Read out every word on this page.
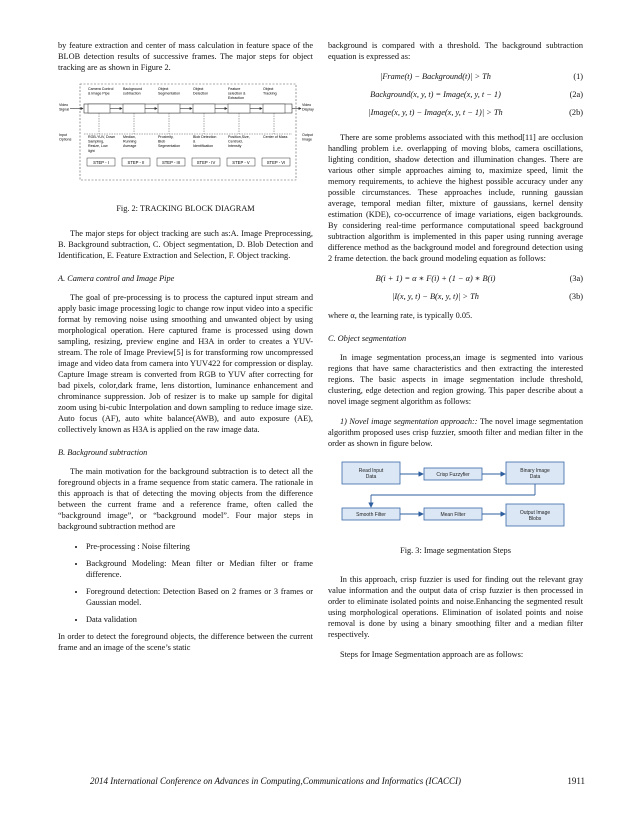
by feature extraction and center of mass calculation in feature space of the BLOB detection results of successive frames. The major steps for object tracking are as shown in Figure 2.

Camera Control
& Image Pipe
RGB-YUV, Down
Sampling,
Resize, Low
light
STEP - I
Background
subtraction
Median,
Running
Average
STEP - II
Object
Segmentation
Proximity,
Blob
Segmentation
STEP - III
Object
Detection
Blob Detection
&
Identification
STEP - IV
Feature
selection &
Extraction
Position,Size,
Centroid,
Intensity
STEP - V
Object
Tracking
Center of Mass
STEP - VI
Video
Signal
Video
Display
Input
Options
Output
Image
Fig. 2: TRACKING BLOCK DIAGRAM

The major steps for object tracking are such as:A. Image Preprocessing, B. Background subtraction, C. Object segmentation, D. Blob Detection and Identification, E. Feature Extraction and Selection, F. Object tracking.

A. Camera control and Image Pipe

The goal of pre-processing is to process the captured input stream and apply basic image processing logic to change row input video into a specific format by removing noise using smoothing and unwanted object by using morphological operation. Here captured frame is processed using down sampling, resizing, preview engine and H3A in order to creates a YUV-stream. The role of Image Preview[5] is for transforming row uncompressed image and video data from camera into YUV422 for compression or display. Capture Image stream is converted from RGB to YUV after correcting for bad pixels, color,dark frame, lens distortion, luminance enhancement and chrominance suppression. Job of resizer is to make up sample for digital zoom using bi-cubic Interpolation and down sampling to reduce image size. Auto focus (AF), auto white balance(AWB), and auto exposure (AE), collectively known as H3A is applied on the raw image data.

B. Background subtraction

The main motivation for the background subtraction is to detect all the foreground objects in a frame sequence from static camera. The rationale in this approach is that of detecting the moving objects from the difference between the current frame and a reference frame, often called the “background image”, or “background model”. Four major steps in background subtraction method are

• Pre-processing : Noise filtering
• Background Modeling: Mean filter or Median filter or frame difference.
• Foreground detection: Detection Based on 2 frames or 3 frames or Gaussian model.
• Data validation

In order to detect the foreground objects, the difference between the current frame and an image of the scene’s static

background is compared with a threshold. The background subtraction equation is expressed as:

|Frame(t) − Background(t)| > Th	(1)
Background(x, y, t) = Image(x, y, t − 1)	(2a)
|Image(x, y, t) − Image(x, y, t − 1)| > Th	(2b)

There are some problems associated with this method[11] are occlusion handling problem i.e. overlapping of moving blobs, camera oscillations, lighting condition, shadow detection and illumination changes. There are various other simple approaches aiming to, maximize speed, limit the memory requirements, to achieve the highest possible accuracy under any possible circumstances. These approaches include, running gaussian average, temporal median filter, mixture of gaussians, kernel density estimation (KDE), co-occurrence of image variations, eigen backgrounds. By considering real-time performance computational speed background subtraction algorithm is implemented in this paper using running average difference method as the background model and foreground detection using 2 frame detection. the back ground modeling equation as follows:

B(i + 1) = α ∗ F(i) + (1 − α) ∗ B(i)	(3a)
|I(x, y, t) − B(x, y, t)| > Th	(3b)

where α, the learning rate, is typically 0.05.

C. Object segmentation

In image segmentation process,an image is segmented into various regions that have same characteristics and then extracting the interested regions. The basic aspects in image segmentation include threshold, clustering, edge detection and region growing. This paper describe about a novel image segment algorithm as follows:

1) Novel image segmentation approach:: The novel image segmentation algorithm proposed uses crisp fuzzier, smooth filter and median filter in the order as shown in figure below.

Read Input
Data	Crisp Fuzzyfier
Binary Image
Data
Smooth Filter	Mean Filter	Output Image
Blobs
Fig. 3: Image segmentation Steps

In this approach, crisp fuzzier is used for finding out the relevant gray value information and the output data of crisp fuzzier is then processed in order to eliminate isolated points and noise.Enhancing the segmented result using morphological operations. Elimination of isolated points and noise removal is done by using a binary smoothing filter and a median filter respectively.

Steps for Image Segmentation approach are as follows:

2014 International Conference on Advances in Computing,Communications and Informatics (ICACCI)	1911
